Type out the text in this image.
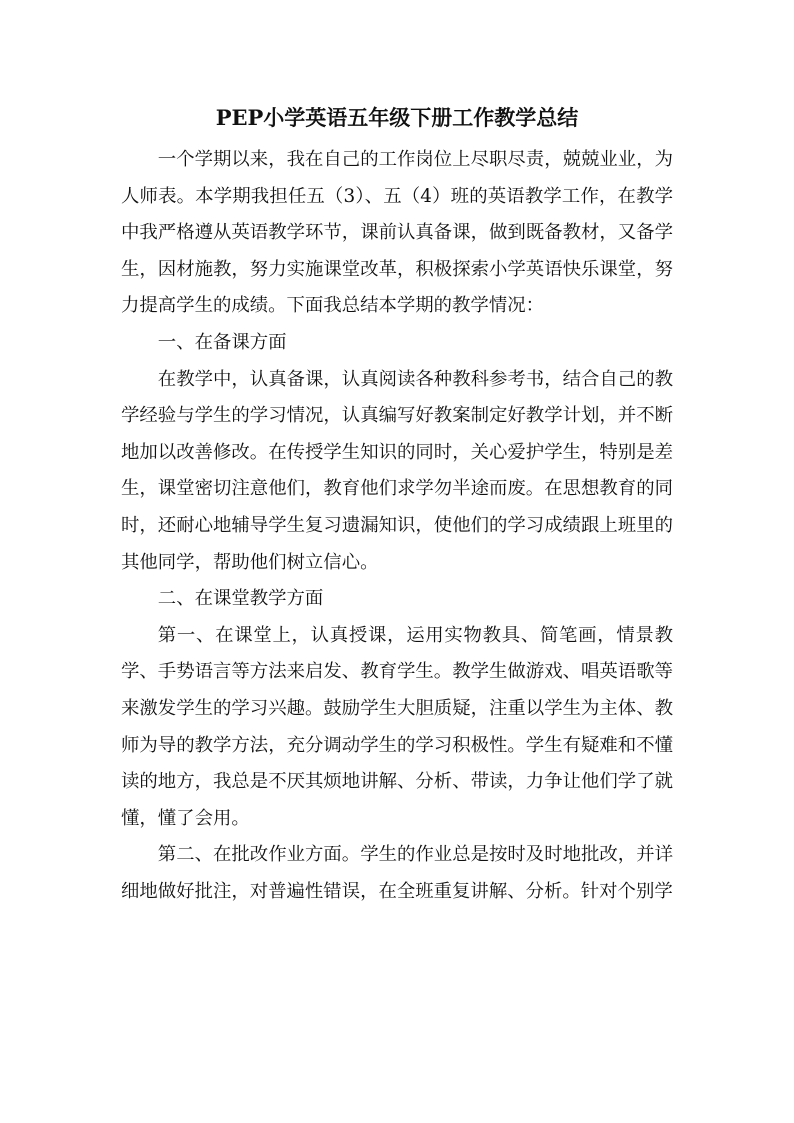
PEP小学英语五年级下册工作教学总结

一个学期以来，我在自己的工作岗位上尽职尽责，兢兢业业，为人师表。本学期我担任五（3）、五（4）班的英语教学工作，在教学中我严格遵从英语教学环节，课前认真备课，做到既备教材，又备学生，因材施教，努力实施课堂改革，积极探索小学英语快乐课堂，努力提高学生的成绩。下面我总结本学期的教学情况：

一、在备课方面

在教学中，认真备课，认真阅读各种教科参考书，结合自己的教学经验与学生的学习情况，认真编写好教案制定好教学计划，并不断地加以改善修改。在传授学生知识的同时，关心爱护学生，特别是差生，课堂密切注意他们，教育他们求学勿半途而废。在思想教育的同时，还耐心地辅导学生复习遗漏知识，使他们的学习成绩跟上班里的其他同学，帮助他们树立信心。

二、在课堂教学方面

第一、在课堂上，认真授课，运用实物教具、简笔画，情景教学、手势语言等方法来启发、教育学生。教学生做游戏、唱英语歌等来激发学生的学习兴趣。鼓励学生大胆质疑，注重以学生为主体、教师为导的教学方法，充分调动学生的学习积极性。学生有疑难和不懂读的地方，我总是不厌其烦地讲解、分析、带读，力争让他们学了就懂，懂了会用。

第二、在批改作业方面。学生的作业总是按时及时地批改，并详细地做好批注，对普遍性错误，在全班重复讲解、分析。针对个别学
